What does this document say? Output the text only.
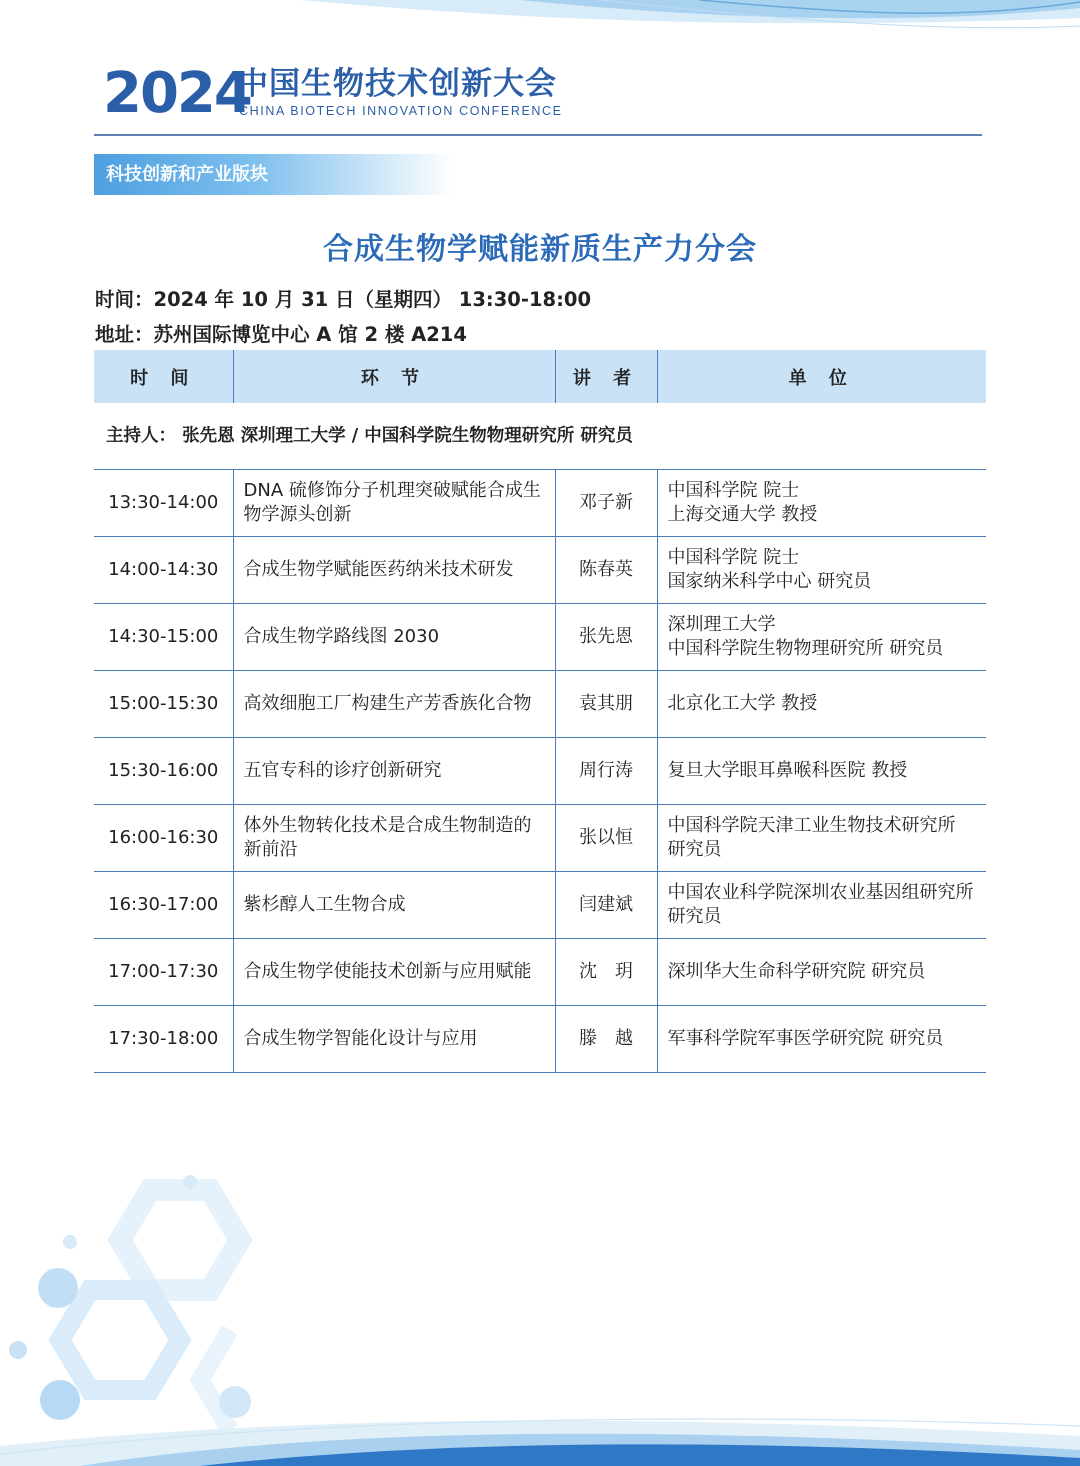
2024
中国生物技术创新大会
CHINA BIOTECH INNOVATION CONFERENCE
科技创新和产业版块
合成生物学赋能新质生产力分会
时间：2024 年 10 月 31 日（星期四） 13:30-18:00
地址：苏州国际博览中心 A 馆 2 楼 A214
时 间	环 节	讲 者	单 位
主持人： 张先恩 深圳理工大学 / 中国科学院生物物理研究所 研究员			
13:30-14:00	DNA 硫修饰分子机理突破赋能合成生物学源头创新	邓子新	中国科学院 院士
上海交通大学 教授

14:00-14:30	合成生物学赋能医药纳米技术研发	陈春英	中国科学院 院士
国家纳米科学中心 研究员

14:30-15:00	合成生物学路线图 2030	张先恩	深圳理工大学
中国科学院生物物理研究所 研究员

15:00-15:30	高效细胞工厂构建生产芳香族化合物	袁其朋	北京化工大学 教授

15:30-16:00	五官专科的诊疗创新研究	周行涛	复旦大学眼耳鼻喉科医院 教授

16:00-16:30	体外生物转化技术是合成生物制造的新前沿	张以恒	中国科学院天津工业生物技术研究所
研究员

16:30-17:00	紫杉醇人工生物合成	闫建斌	中国农业科学院深圳农业基因组研究所 研究员

17:00-17:30	合成生物学使能技术创新与应用赋能	沈　玥	深圳华大生命科学研究院 研究员

17:30-18:00	合成生物学智能化设计与应用	滕　越	军事科学院军事医学研究院 研究员
